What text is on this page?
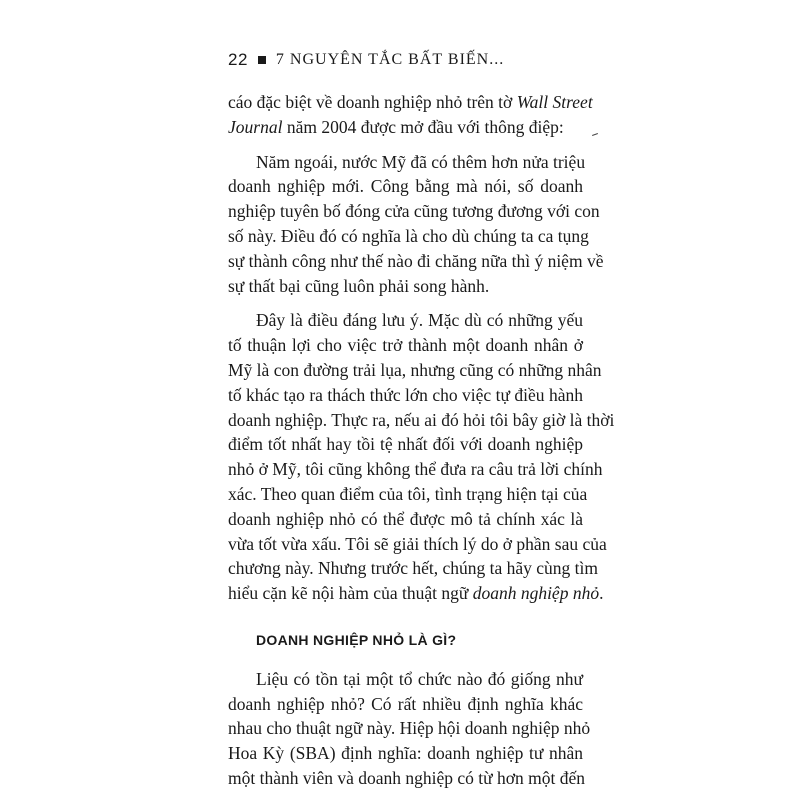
22 7 NGUYÊN TẮC BẤT BIẾN...
cáo đặc biệt về doanh nghiệp nhỏ trên tờ Wall Street
Journal năm 2004 được mở đầu với thông điệp:
Năm ngoái, nước Mỹ đã có thêm hơn nửa triệu
doanh nghiệp mới. Công bằng mà nói, số doanh
nghiệp tuyên bố đóng cửa cũng tương đương với con
số này. Điều đó có nghĩa là cho dù chúng ta ca tụng
sự thành công như thế nào đi chăng nữa thì ý niệm về
sự thất bại cũng luôn phải song hành.
Đây là điều đáng lưu ý. Mặc dù có những yếu
tố thuận lợi cho việc trở thành một doanh nhân ở
Mỹ là con đường trải lụa, nhưng cũng có những nhân
tố khác tạo ra thách thức lớn cho việc tự điều hành
doanh nghiệp. Thực ra, nếu ai đó hỏi tôi bây giờ là thời
điểm tốt nhất hay tồi tệ nhất đối với doanh nghiệp
nhỏ ở Mỹ, tôi cũng không thể đưa ra câu trả lời chính
xác. Theo quan điểm của tôi, tình trạng hiện tại của
doanh nghiệp nhỏ có thể được mô tả chính xác là
vừa tốt vừa xấu. Tôi sẽ giải thích lý do ở phần sau của
chương này. Nhưng trước hết, chúng ta hãy cùng tìm
hiểu cặn kẽ nội hàm của thuật ngữ doanh nghiệp nhỏ.
DOANH NGHIỆP NHỎ LÀ GÌ?
Liệu có tồn tại một tổ chức nào đó giống như
doanh nghiệp nhỏ? Có rất nhiều định nghĩa khác
nhau cho thuật ngữ này. Hiệp hội doanh nghiệp nhỏ
Hoa Kỳ (SBA) định nghĩa: doanh nghiệp tư nhân
một thành viên và doanh nghiệp có từ hơn một đến
